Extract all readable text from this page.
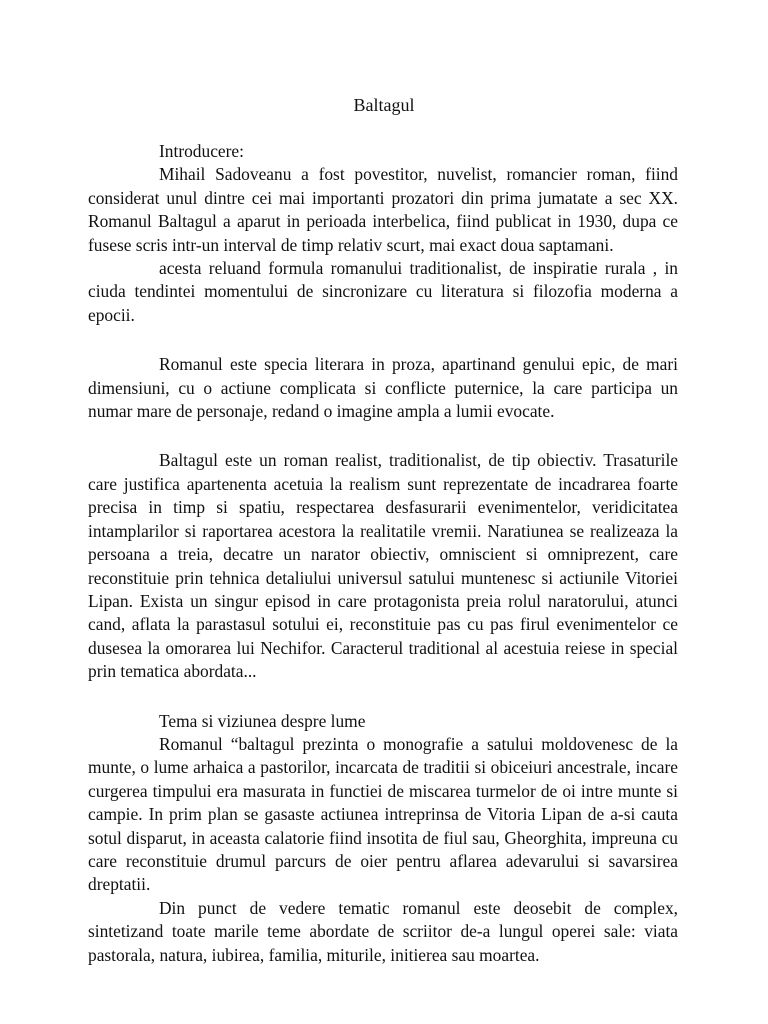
Baltagul

Introducere:

Mihail Sadoveanu a fost povestitor, nuvelist, romancier roman, fiind considerat unul dintre cei mai importanti prozatori din prima jumatate a sec XX. Romanul Baltagul a aparut in perioada interbelica, fiind publicat in 1930, dupa ce fusese scris intr-un interval de timp relativ scurt, mai exact doua saptamani.

acesta reluand formula romanului traditionalist, de inspiratie rurala , in ciuda tendintei momentului de sincronizare cu literatura si filozofia moderna a epocii.

Romanul este specia literara in proza, apartinand genului epic, de mari dimensiuni, cu o actiune complicata si conflicte puternice, la care participa un numar mare de personaje, redand o imagine ampla a lumii evocate.

Baltagul este un roman realist, traditionalist, de tip obiectiv. Trasaturile care justifica apartenenta acetuia la realism sunt reprezentate de incadrarea foarte precisa in timp si spatiu, respectarea desfasurarii evenimentelor, veridicitatea intamplarilor si raportarea acestora la realitatile vremii. Naratiunea se realizeaza la persoana a treia, decatre un narator obiectiv, omniscient si omniprezent, care reconstituie prin tehnica detaliului universul satului muntenesc si actiunile Vitoriei Lipan. Exista un singur episod in care protagonista preia rolul naratorului, atunci cand, aflata la parastasul sotului ei, reconstituie pas cu pas firul evenimentelor ce dusesea la omorarea lui Nechifor. Caracterul traditional al acestuia reiese in special prin tematica abordata...

Tema si viziunea despre lume

Romanul “baltagul prezinta o monografie a satului moldovenesc de la munte, o lume arhaica a pastorilor, incarcata de traditii si obiceiuri ancestrale, incare curgerea timpului era masurata in functiei de miscarea turmelor de oi intre munte si campie. In prim plan se gasaste actiunea intreprinsa de Vitoria Lipan de a-si cauta sotul disparut, in aceasta calatorie fiind insotita de fiul sau, Gheorghita, impreuna cu care reconstituie drumul parcurs de oier pentru aflarea adevarului si savarsirea dreptatii.

Din punct de vedere tematic romanul este deosebit de complex, sintetizand toate marile teme abordate de scriitor de-a lungul operei sale: viata pastorala, natura, iubirea, familia, miturile, initierea sau moartea.
